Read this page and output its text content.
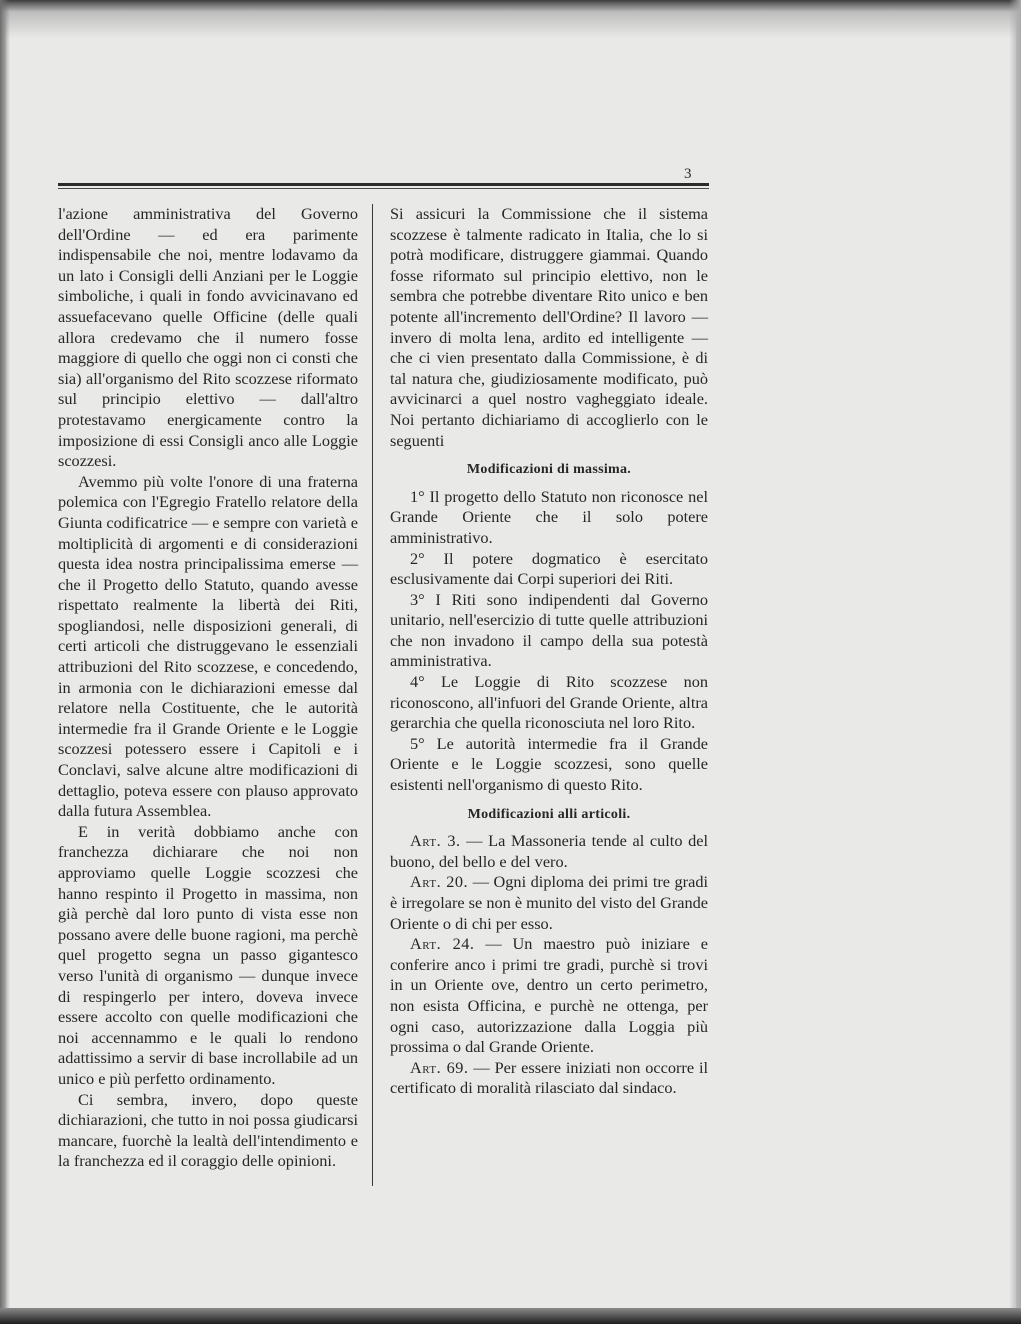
3

l'azione amministrativa del Governo dell'Ordine — ed era parimente indispensabile che noi, mentre lodavamo da un lato i Consigli delli Anziani per le Loggie simboliche, i quali in fondo avvicinavano ed assuefacevano quelle Officine (delle quali allora credevamo che il numero fosse maggiore di quello che oggi non ci consti che sia) all'organismo del Rito scozzese riformato sul principio elettivo — dall'altro protestavamo energicamente contro la imposizione di essi Consigli anco alle Loggie scozzesi.

Avemmo più volte l'onore di una fraterna polemica con l'Egregio Fratello relatore della Giunta codificatrice — e sempre con varietà e moltiplicità di argomenti e di considerazioni questa idea nostra principalissima emerse — che il Progetto dello Statuto, quando avesse rispettato realmente la libertà dei Riti, spogliandosi, nelle disposizioni generali, di certi articoli che distruggevano le essenziali attribuzioni del Rito scozzese, e concedendo, in armonia con le dichiarazioni emesse dal relatore nella Costituente, che le autorità intermedie fra il Grande Oriente e le Loggie scozzesi potessero essere i Capitoli e i Conclavi, salve alcune altre modificazioni di dettaglio, poteva essere con plauso approvato dalla futura Assemblea.

E in verità dobbiamo anche con franchezza dichiarare che noi non approviamo quelle Loggie scozzesi che hanno respinto il Progetto in massima, non già perchè dal loro punto di vista esse non possano avere delle buone ragioni, ma perchè quel progetto segna un passo gigantesco verso l'unità di organismo — dunque invece di respingerlo per intero, doveva invece essere accolto con quelle modificazioni che noi accennammo e le quali lo rendono adattissimo a servir di base incrollabile ad un unico e più perfetto ordinamento.

Ci sembra, invero, dopo queste dichiarazioni, che tutto in noi possa giudicarsi mancare, fuorchè la lealtà dell'intendimento e la franchezza ed il coraggio delle opinioni.

Si assicuri la Commissione che il sistema scozzese è talmente radicato in Italia, che lo si potrà modificare, distruggere giammai. Quando fosse riformato sul principio elettivo, non le sembra che potrebbe diventare Rito unico e ben potente all'incremento dell'Ordine? Il lavoro — invero di molta lena, ardito ed intelligente — che ci vien presentato dalla Commissione, è di tal natura che, giudiziosamente modificato, può avvicinarci a quel nostro vagheggiato ideale. Noi pertanto dichiariamo di accoglierlo con le seguenti

Modificazioni di massima.

1° Il progetto dello Statuto non riconosce nel Grande Oriente che il solo potere amministrativo.

2° Il potere dogmatico è esercitato esclusivamente dai Corpi superiori dei Riti.

3° I Riti sono indipendenti dal Governo unitario, nell'esercizio di tutte quelle attribuzioni che non invadono il campo della sua potestà amministrativa.

4° Le Loggie di Rito scozzese non riconoscono, all'infuori del Grande Oriente, altra gerarchia che quella riconosciuta nel loro Rito.

5° Le autorità intermedie fra il Grande Oriente e le Loggie scozzesi, sono quelle esistenti nell'organismo di questo Rito.

Modificazioni alli articoli.

Art. 3. — La Massoneria tende al culto del buono, del bello e del vero.

Art. 20. — Ogni diploma dei primi tre gradi è irregolare se non è munito del visto del Grande Oriente o di chi per esso.

Art. 24. — Un maestro può iniziare e conferire anco i primi tre gradi, purchè si trovi in un Oriente ove, dentro un certo perimetro, non esista Officina, e purchè ne ottenga, per ogni caso, autorizzazione dalla Loggia più prossima o dal Grande Oriente.

Art. 69. — Per essere iniziati non occorre il certificato di moralità rilasciato dal sindaco.
